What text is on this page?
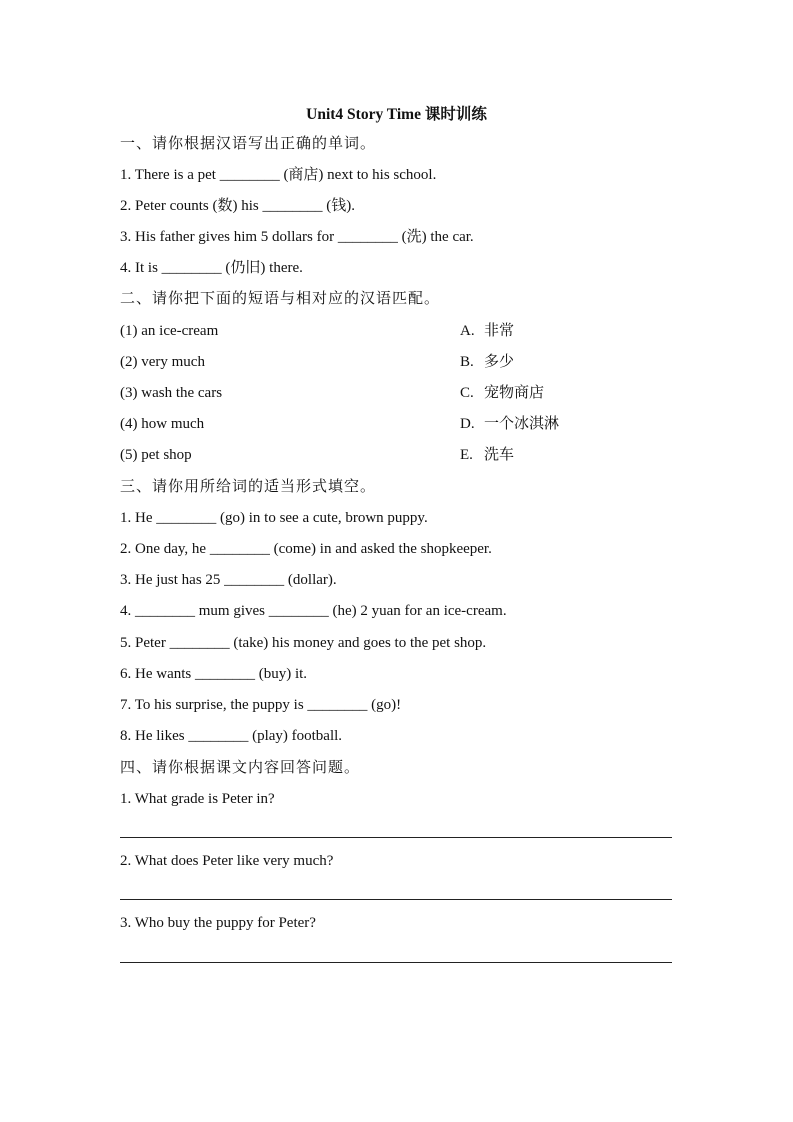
Unit4 Story Time 课时训练
一、请你根据汉语写出正确的单词。
1. There is a pet ________ (商店) next to his school.
2. Peter counts (数) his ________ (钱).
3. His father gives him 5 dollars for ________ (洗) the car.
4. It is ________ (仍旧) there.
二、请你把下面的短语与相对应的汉语匹配。
(1) an ice-cream	A. 非常
(2) very much	B. 多少
(3) wash the cars	C. 宠物商店
(4) how much	D. 一个冰淇淋
(5) pet shop	E. 洗车
三、请你用所给词的适当形式填空。
1. He ________ (go) in to see a cute, brown puppy.
2. One day, he ________ (come) in and asked the shopkeeper.
3. He just has 25 ________ (dollar).
4. ________ mum gives ________ (he) 2 yuan for an ice-cream.
5. Peter ________ (take) his money and goes to the pet shop.
6. He wants ________ (buy) it.
7. To his surprise, the puppy is ________ (go)!
8. He likes ________ (play) football.
四、请你根据课文内容回答问题。
1. What grade is Peter in?
2. What does Peter like very much?
3. Who buy the puppy for Peter?
